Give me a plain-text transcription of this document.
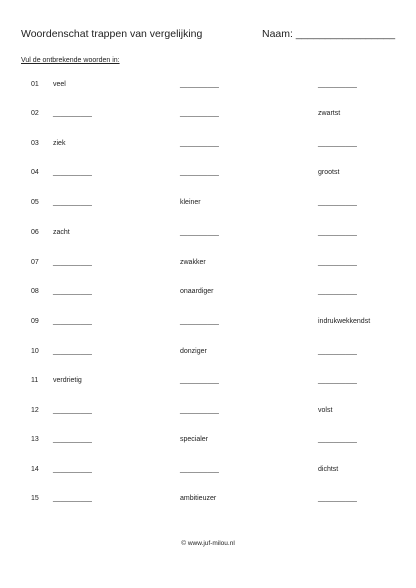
Woordenschat trappen van vergelijking	Naam: _________________
Vul de ontbrekende woorden in:
01 veel	__________	__________
02 __________	__________	zwartst
03 ziek	__________	__________
04 __________	__________	grootst
05 __________	kleiner	__________
06 zacht	__________	__________
07 __________	zwakker	__________
08 __________	onaardiger	__________
09 __________	__________	indrukwekkendst
10 __________	donziger	__________
11 verdrietig	__________	__________
12 __________	__________	volst
13 __________	specialer	__________
14 __________	__________	dichtst
15 __________	ambitieuzer	__________
© www.juf-milou.nl
